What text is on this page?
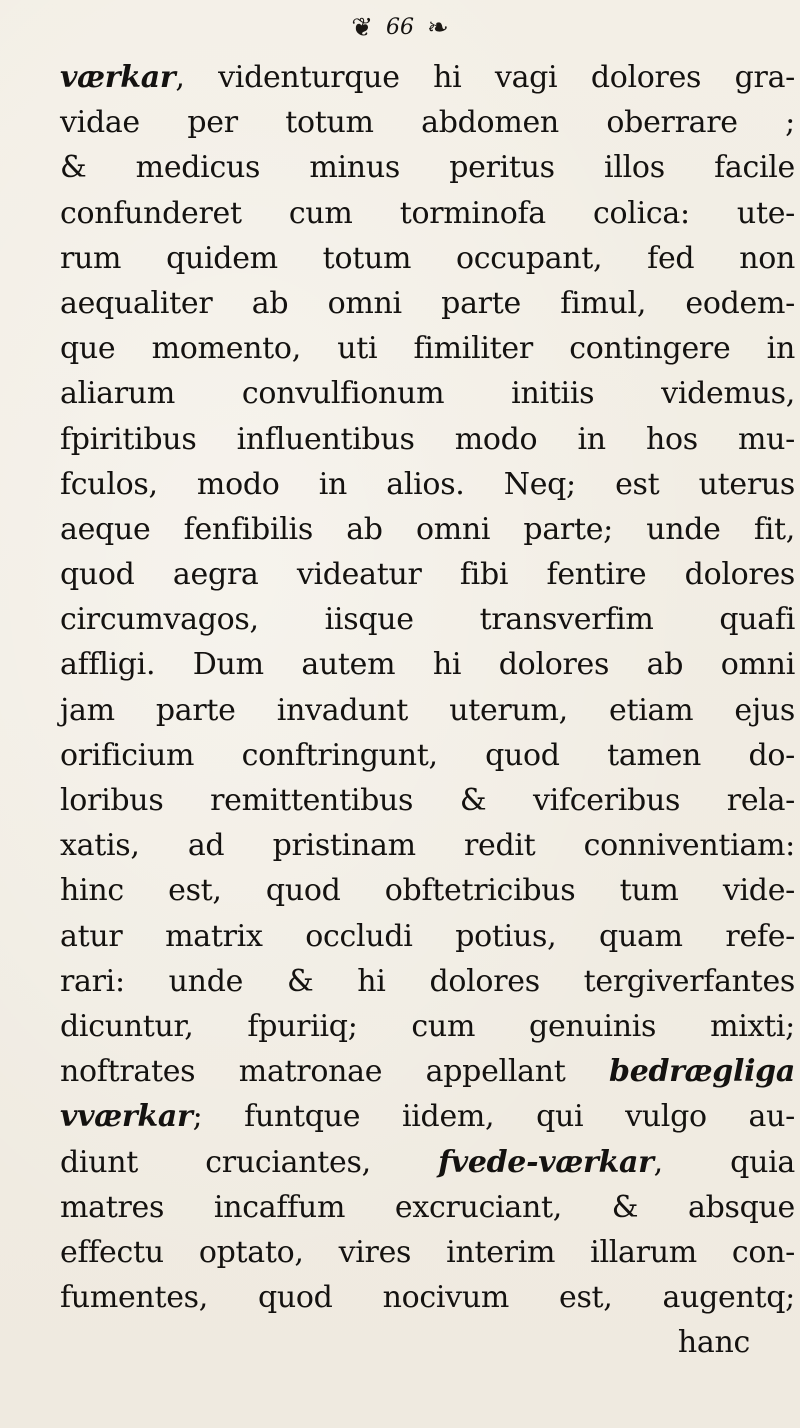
❦ 66 ❧
værkar, videnturque hi vagi dolores gra-
vidae per totum abdomen oberrare ;
& medicus minus peritus illos facile
confunderet cum torminofa colica: ute-
rum quidem totum occupant, fed non
aequaliter ab omni parte fimul, eodem-
que momento, uti fimiliter contingere in
aliarum convulfionum initiis videmus,
fpiritibus influentibus modo in hos mu-
fculos, modo in alios. Neq; est uterus
aeque fenfibilis ab omni parte; unde fit,
quod aegra videatur fibi fentire dolores
circumvagos, iisque transverfim quafi
affligi. Dum autem hi dolores ab omni
jam parte invadunt uterum, etiam ejus
orificium conftringunt, quod tamen do-
loribus remittentibus & vifceribus rela-
xatis, ad pristinam redit conniventiam:
hinc est, quod obftetricibus tum vide-
atur matrix occludi potius, quam refe-
rari: unde & hi dolores tergiverfantes
dicuntur, fpuriiq; cum genuinis mixti;
noftrates matronae appellant bedrægliga
vværkar; funtque iidem, qui vulgo au-
diunt cruciantes, fvede-værkar, quia
matres incaffum excruciant, & absque
effectu optato, vires interim illarum con-
fumentes, quod nocivum est, augentq;
hanc
